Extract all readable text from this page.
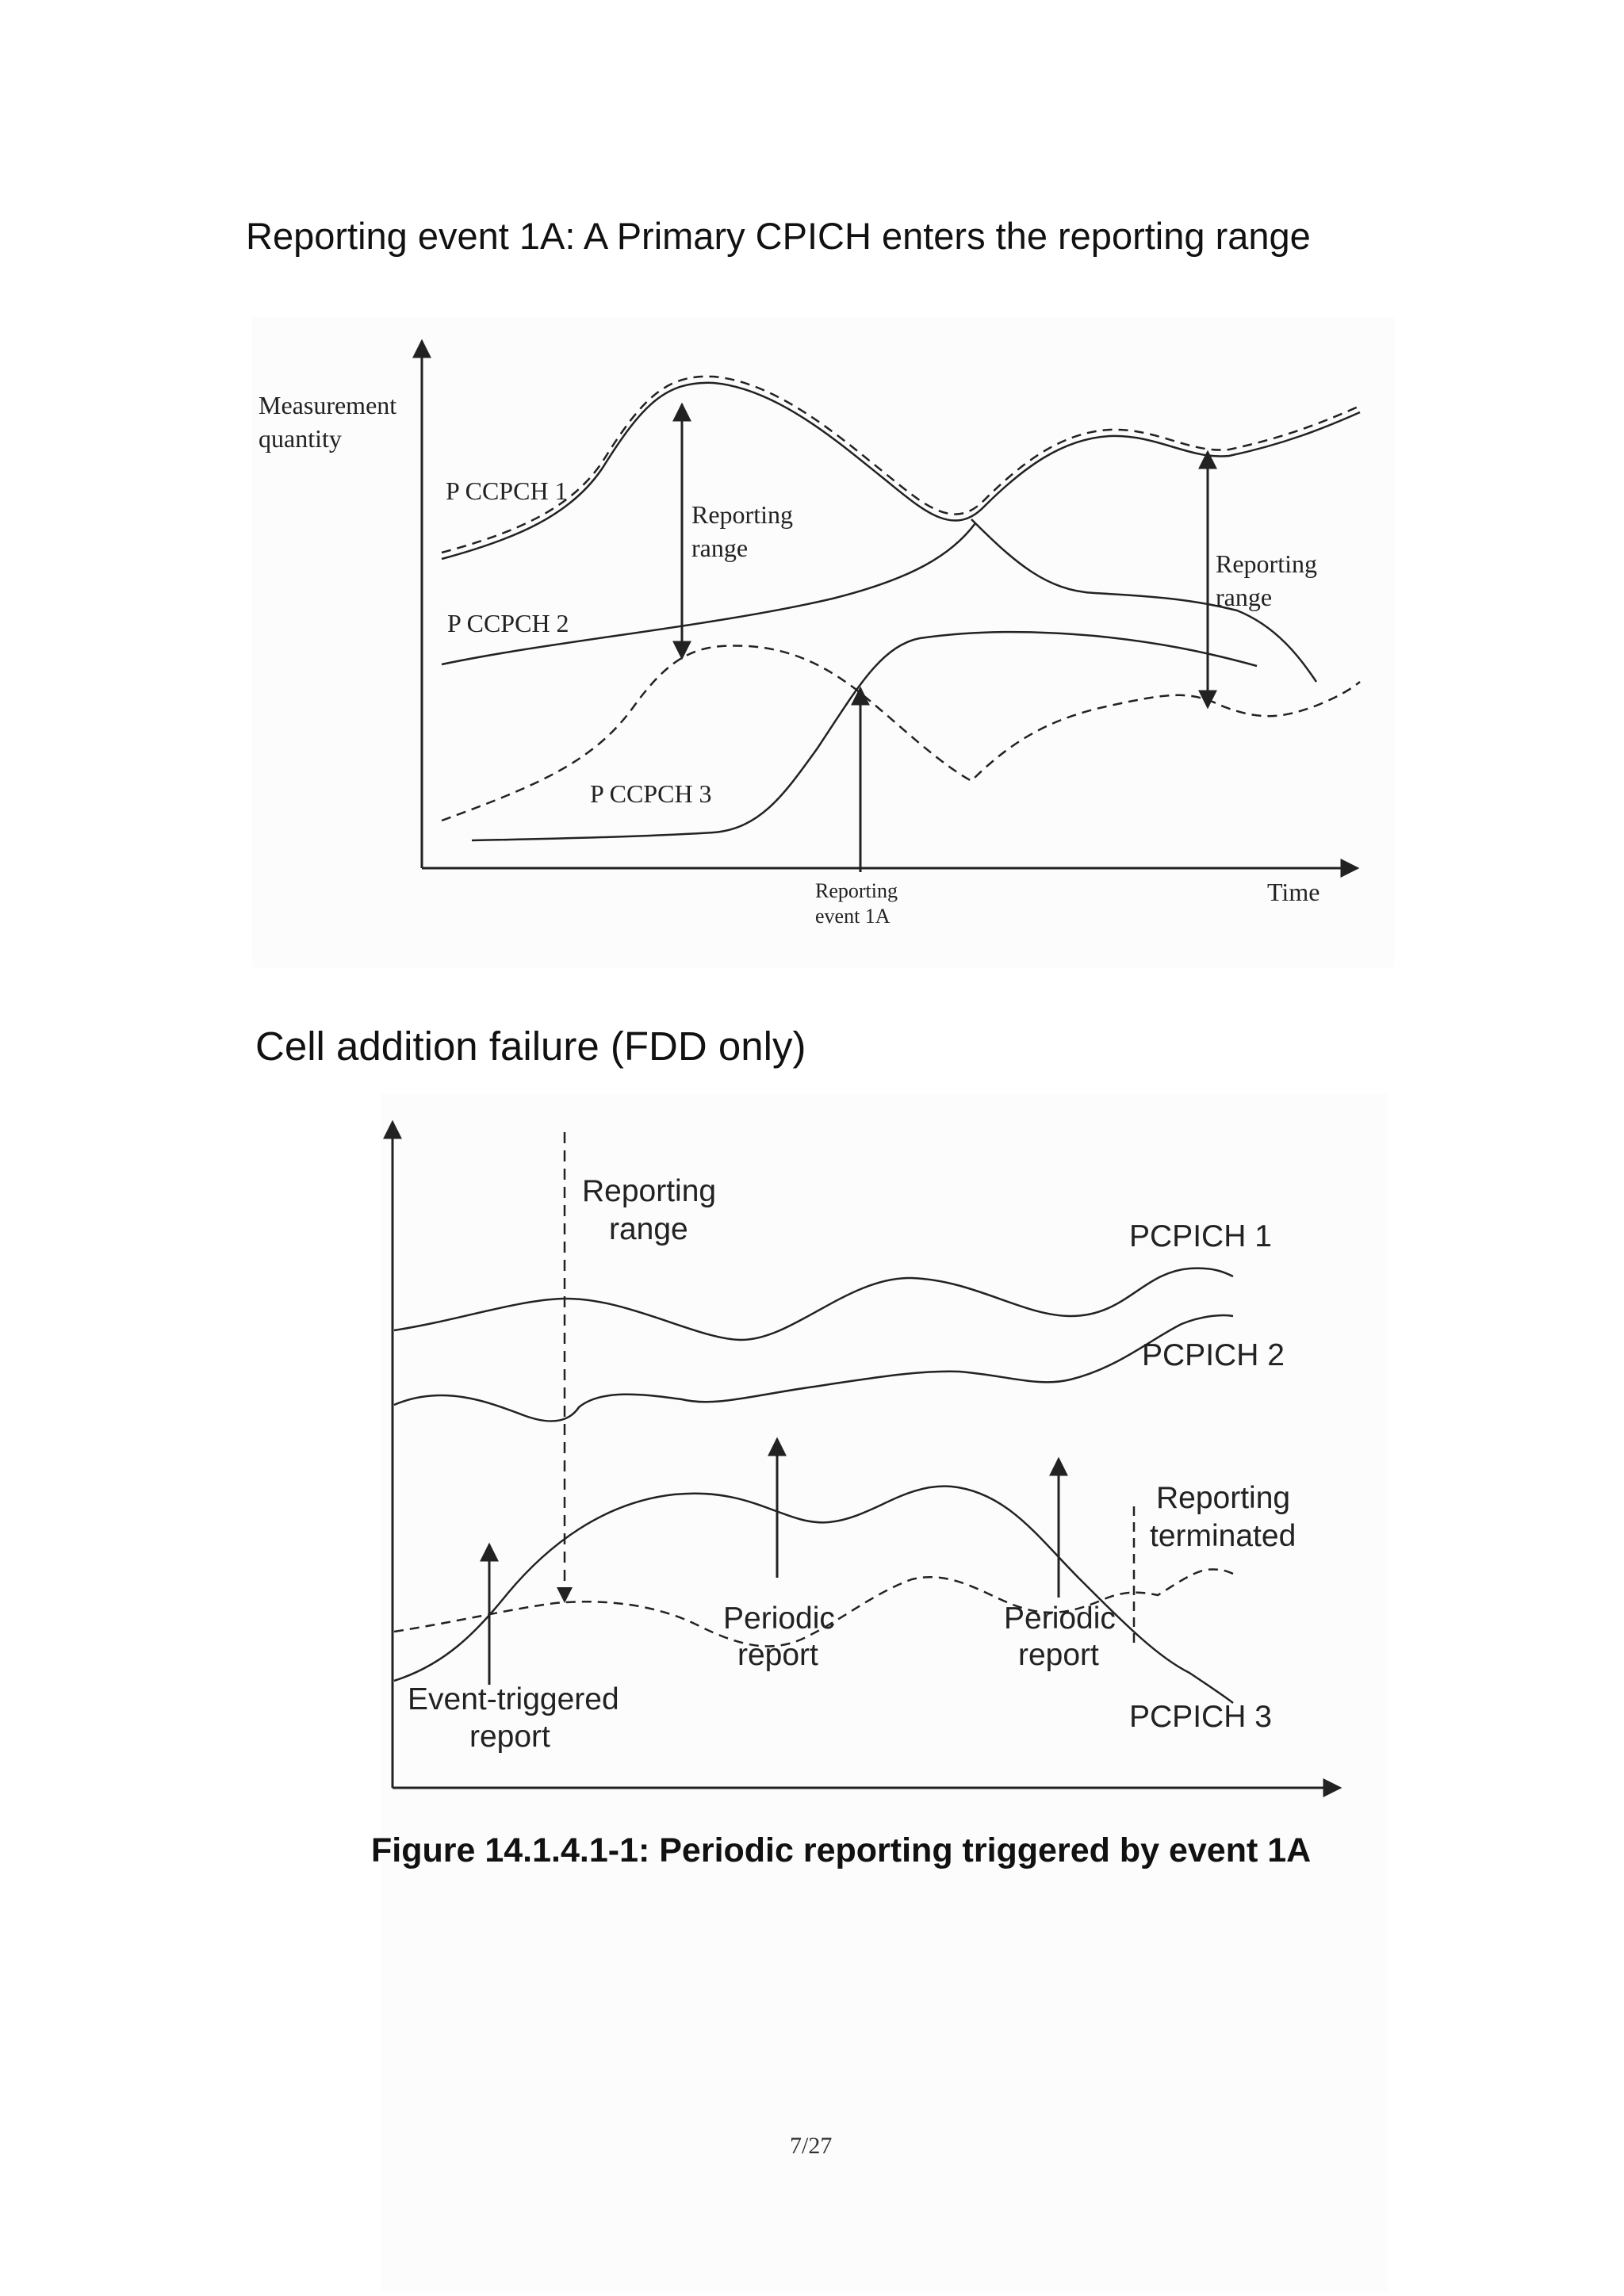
Reporting event 1A: A Primary CPICH enters the reporting range
Cell addition failure (FDD only)
Measurement
quantity
Time
P CCPCH 1
P CCPCH 2
P CCPCH 3
Reporting
range
Reporting
range
Reporting
event 1A
Reporting
range	PCPICH 1
PCPICH 2
PCPICH 3
Reporting
terminated
Periodic
report
Periodic
report
Event-triggered
report
Figure 14.1.4.1-1: Periodic reporting triggered by event 1A
7/27
